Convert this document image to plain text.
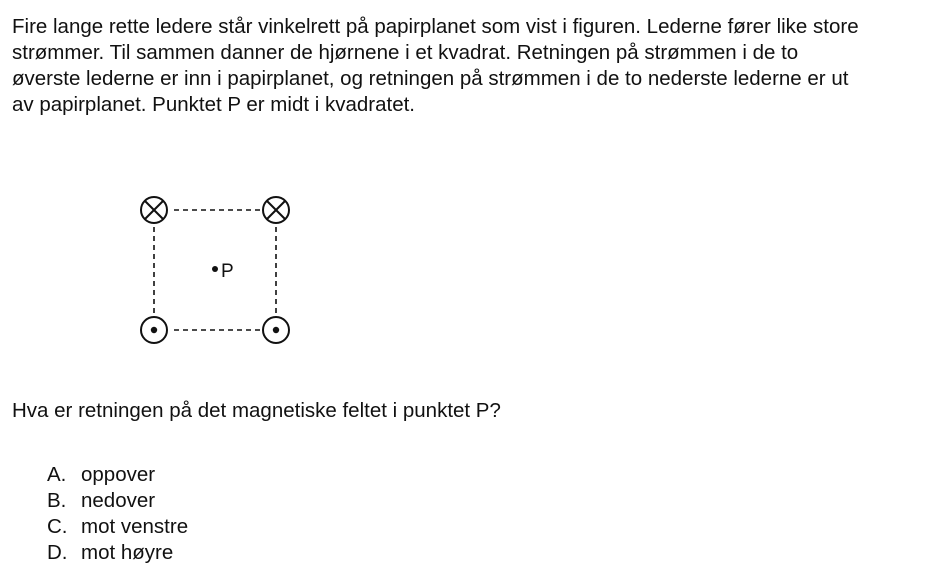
Fire lange rette ledere står vinkelrett på papirplanet som vist i figuren. Lederne fører like store

strømmer. Til sammen danner de hjørnene i et kvadrat. Retningen på strømmen i de to

øverste lederne er inn i papirplanet, og retningen på strømmen i de to nederste lederne er ut

av papirplanet. Punktet P er midt i kvadratet.

P

Hva er retningen på det magnetiske feltet i punktet P?

A. oppover
B. nedover
C. mot venstre
D. mot høyre
